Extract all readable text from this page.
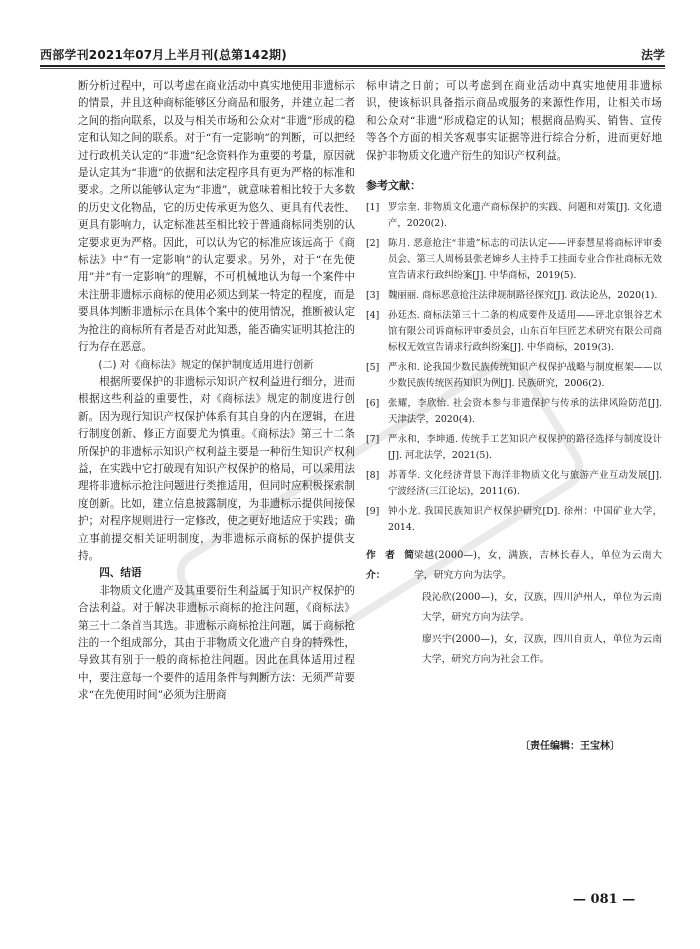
西部学刊2021年07月上半月刊(总第142期)	法学

断分析过程中，可以考虑在商业活动中真实地使用非遗标示的情景，并且这种商标能够区分商品和服务，并建立起二者之间的指向联系，以及与相关市场和公众对“非遗”形成的稳定和认知之间的联系。对于“有一定影响”的判断，可以把经过行政机关认定的“非遗”纪念资料作为重要的考量，原因就是认定其为“非遗”的依据和法定程序具有更为严格的标准和要求。之所以能够认定为“非遗”，就意味着相比较于大多数的历史文化物品，它的历史传承更为悠久、更具有代表性、更具有影响力，认定标准甚至相比较于普通商标同类别的认定要求更为严格。因此，可以认为它的标准应该远高于《商标法》中“有一定影响”的认定要求。另外，对于“在先使用”并“有一定影响”的理解，不可机械地认为每一个案件中未注册非遗标示商标的使用必须达到某一特定的程度，而是要具体判断非遗标示在具体个案中的使用情况，推断被认定为抢注的商标所有者是否对此知悉，能否确实证明其抢注的行为存在恶意。

(二) 对《商标法》规定的保护制度适用进行创新

根据所要保护的非遗标示知识产权利益进行细分，进而根据这些利益的重要性，对《商标法》规定的制度进行创新。因为现行知识产权保护体系有其自身的内在逻辑，在进行制度创新、修正方面要尤为慎重。《商标法》第三十二条所保护的非遗标示知识产权利益主要是一种衍生知识产权利益，在实践中它打破现有知识产权保护的格局，可以采用法理将非遗标示抢注问题进行类推适用，但同时应积极探索制度创新。比如，建立信息披露制度，为非遗标示提供间接保护；对程序规则进行一定修改，使之更好地适应于实践；确立事前提交相关证明制度，为非遗标示商标的保护提供支持。

四、结语

非物质文化遗产及其重要衍生利益属于知识产权保护的合法利益。对于解决非遗标示商标的抢注问题，《商标法》第三十二条首当其选。非遗标示商标抢注问题，属于商标抢注的一个组成部分，其由于非物质文化遗产自身的特殊性，导致其有别于一般的商标抢注问题。因此在具体适用过程中，要注意每一个要件的适用条件与判断方法：无须严苛要求“在先使用时间”必须为注册商

标申请之日前；可以考虑到在商业活动中真实地使用非遗标识，使该标识具备指示商品或服务的来源性作用，让相关市场和公众对“非遗”形成稳定的认知；根据商品购买、销售、宣传等各个方面的相关客观事实证据等进行综合分析，进而更好地保护非物质文化遗产衍生的知识产权利益。

参考文献：
[1] 罗宗奎. 非物质文化遗产商标保护的实践、问题和对策[J]. 文化遗产，2020(2).
[2] 陈月. 恶意抢注“非遗”标志的司法认定——评泰慧星将商标评审委员会、第三人周杨县张老婶乡人主持手工挂面专业合作社商标无效宣告请求行政纠纷案[J]. 中华商标，2019(5).
[3] 魏丽丽. 商标恶意抢注法律规制路径探究[J]. 政法论丛，2020(1).
[4] 孙廷杰. 商标法第三十二条的构成要件及适用——评北京银谷艺术馆有限公司诉商标评审委员会，山东百年巨匠艺术研究有限公司商标权无效宣告请求行政纠纷案[J]. 中华商标，2019(3).
[5] 严永和. 论我国少数民族传统知识产权保护战略与制度框架——以少数民族传统医药知识为例[J]. 民族研究，2006(2).
[6] 张耀，李欣怡. 社会资本参与非遗保护与传承的法律风险防范[J]. 天津法学，2020(4).
[7] 严永和，李坤通. 传统手工艺知识产权保护的路径选择与制度设计[J]. 河北法学，2021(5).
[8] 苏菁华. 文化经济背景下海洋非物质文化与旅游产业互动发展[J]. 宁波经济(三江论坛)，2011(6).
[9] 钟小龙. 我国民族知识产权保护研究[D]. 徐州：中国矿业大学，2014.
作者简介：
梁越(2000—)，女，满族，吉林长春人，单位为云南大学，研究方向为法学。
段沁欣(2000—)，女，汉族，四川泸州人，单位为云南大学，研究方向为法学。
廖兴宇(2000—)，女，汉族，四川自贡人，单位为云南大学，研究方向为社会工作。
〔责任编辑：王宝林〕
— 081 —
